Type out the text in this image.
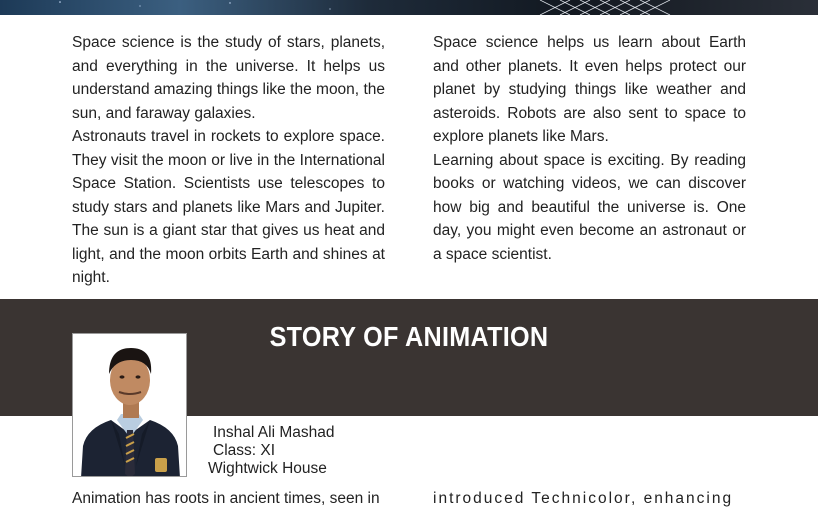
Space science is the study of stars, planets, and everything in the universe. It helps us understand amazing things like the moon, the sun, and faraway galaxies.

Astronauts travel in rockets to explore space. They visit the moon or live in the International Space Station. Scientists use telescopes to study stars and planets like Mars and Jupiter. The sun is a giant star that gives us heat and light, and the moon orbits Earth and shines at night.

Space science helps us learn about Earth and other planets. It even helps protect our planet by studying things like weather and asteroids. Robots are also sent to space to explore planets like Mars.

Learning about space is exciting. By reading books or watching videos, we can discover how big and beautiful the universe is. One day, you might even become an astronaut or a space scientist.

STORY OF ANIMATION
Inshal Ali Mashad
Class: XI
Wightwick House
Animation has roots in ancient times, seen in	introduced Technicolor, enhancing
